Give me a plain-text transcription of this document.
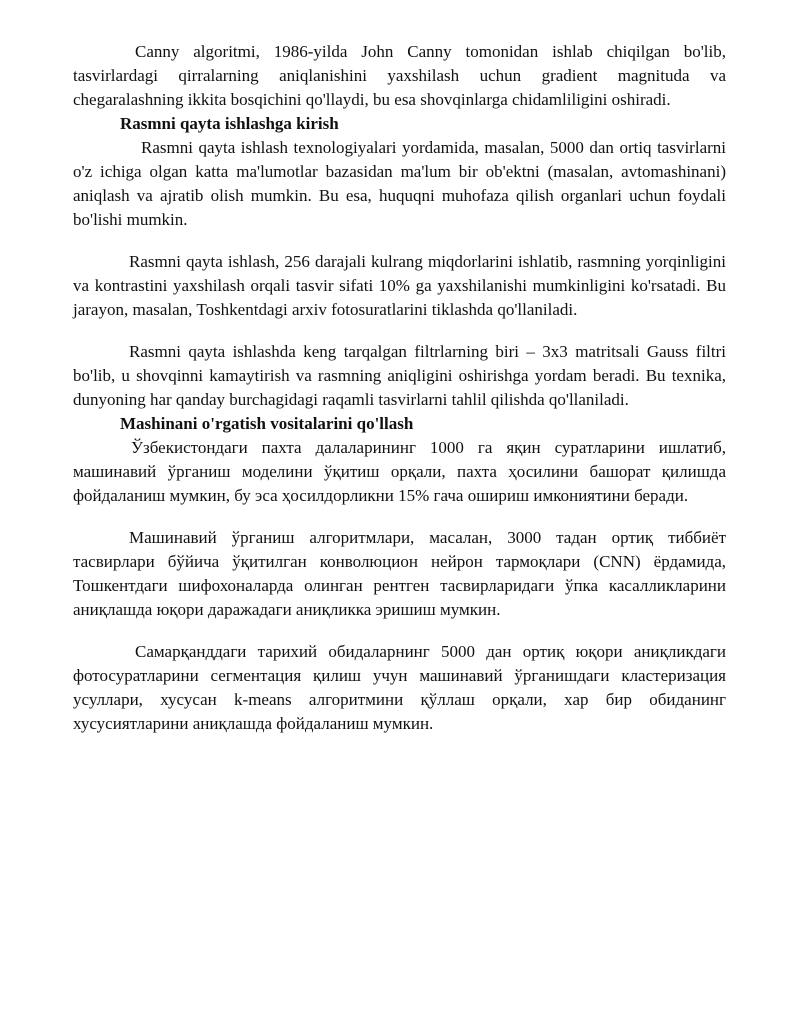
Canny algoritmi, 1986-yilda John Canny tomonidan ishlab chiqilgan bo'lib, tasvirlardagi qirralarning aniqlanishini yaxshilash uchun gradient magnituda va chegaralashning ikkita bosqichini qo'llaydi, bu esa shovqinlarga chidamliligini oshiradi.

Rasmni qayta ishlashga kirish

Rasmni qayta ishlash texnologiyalari yordamida, masalan, 5000 dan ortiq tasvirlarni o'z ichiga olgan katta ma'lumotlar bazasidan ma'lum bir ob'ektni (masalan, avtomashinani) aniqlash va ajratib olish mumkin. Bu esa, huquqni muhofaza qilish organlari uchun foydali bo'lishi mumkin.

Rasmni qayta ishlash, 256 darajali kulrang miqdorlarini ishlatib, rasmning yorqinligini va kontrastini yaxshilash orqali tasvir sifati 10% ga yaxshilanishi mumkinligini ko'rsatadi. Bu jarayon, masalan, Toshkentdagi arxiv fotosuratlarini tiklashda qo'llaniladi.

Rasmni qayta ishlashda keng tarqalgan filtrlarning biri – 3x3 matritsali Gauss filtri bo'lib, u shovqinni kamaytirish va rasmning aniqligini oshirishga yordam beradi. Bu texnika, dunyoning har qanday burchagidagi raqamli tasvirlarni tahlil qilishda qo'llaniladi.

Mashinani o'rgatish vositalarini qo'llash

Ўзбекистондаги пахта далаларининг 1000 га яқин суратларини ишлатиб, машинавий ўрганиш моделини ўқитиш орқали, пахта ҳосилини башорат қилишда фойдаланиш мумкин, бу эса ҳосилдорликни 15% гача ошириш имкониятини беради.

Машинавий ўрганиш алгоритмлари, масалан, 3000 тадан ортиқ тиббиёт тасвирлари бўйича ўқитилган конволюцион нейрон тармоқлари (CNN) ёрдамида, Тошкентдаги шифохоналарда олинган рентген тасвирларидаги ўпка касалликларини аниқлашда юқори даражадаги аниқликка эришиш мумкин.

Самарқанддаги тарихий обидаларнинг 5000 дан ортиқ юқори аниқликдаги фотосуратларини сегментация қилиш учун машинавий ўрганишдаги кластеризация усуллари, хусусан k-means алгоритмини қўллаш орқали, хар бир обиданинг хусусиятларини аниқлашда фойдаланиш мумкин.
